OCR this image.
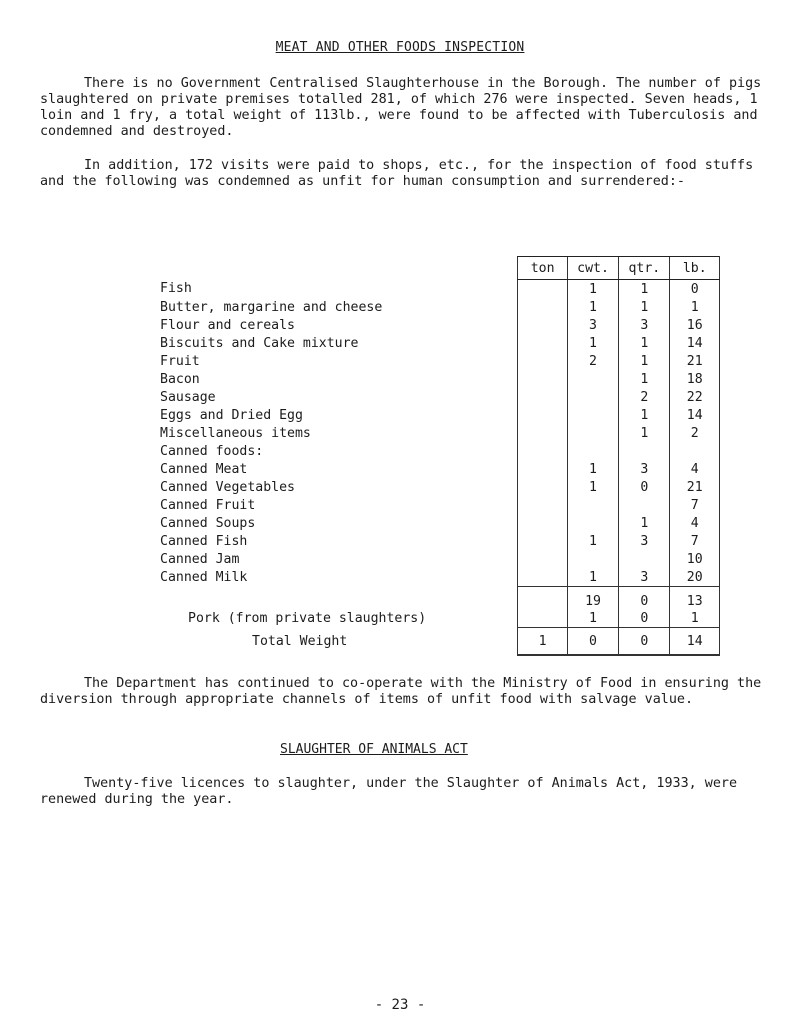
MEAT AND OTHER FOODS INSPECTION

There is no Government Centralised Slaughterhouse in the Borough. The number of pigs slaughtered on private premises totalled 281, of which 276 were inspected. Seven heads, 1 loin and 1 fry, a total weight of 113lb., were found to be affected with Tuberculosis and condemned and destroyed.

In addition, 172 visits were paid to shops, etc., for the inspection of food stuffs and the following was condemned as unfit for human consumption and surrendered:-

	ton	cwt.	qtr.	lb.
Fish		1	1	0
Butter, margarine and cheese		1	1	1
Flour and cereals		3	3	16
Biscuits and Cake mixture		1	1	14
Fruit		2	1	21
Bacon			1	18
Sausage			2	22
Eggs and Dried Egg			1	14
Miscellaneous items			1	2
Canned foods:				
Canned Meat		1	3	4
Canned Vegetables		1	0	21
Canned Fruit				7
Canned Soups			1	4
Canned Fish		1	3	7
Canned Jam				10
Canned Milk		1	3	20
		19	0	13
Pork (from private slaughters)		1	0	1
Total Weight	1	0	0	14

The Department has continued to co-operate with the Ministry of Food in ensuring the diversion through appropriate channels of items of unfit food with salvage value.

SLAUGHTER OF ANIMALS ACT

Twenty-five licences to slaughter, under the Slaughter of Animals Act, 1933, were renewed during the year.

- 23 -
